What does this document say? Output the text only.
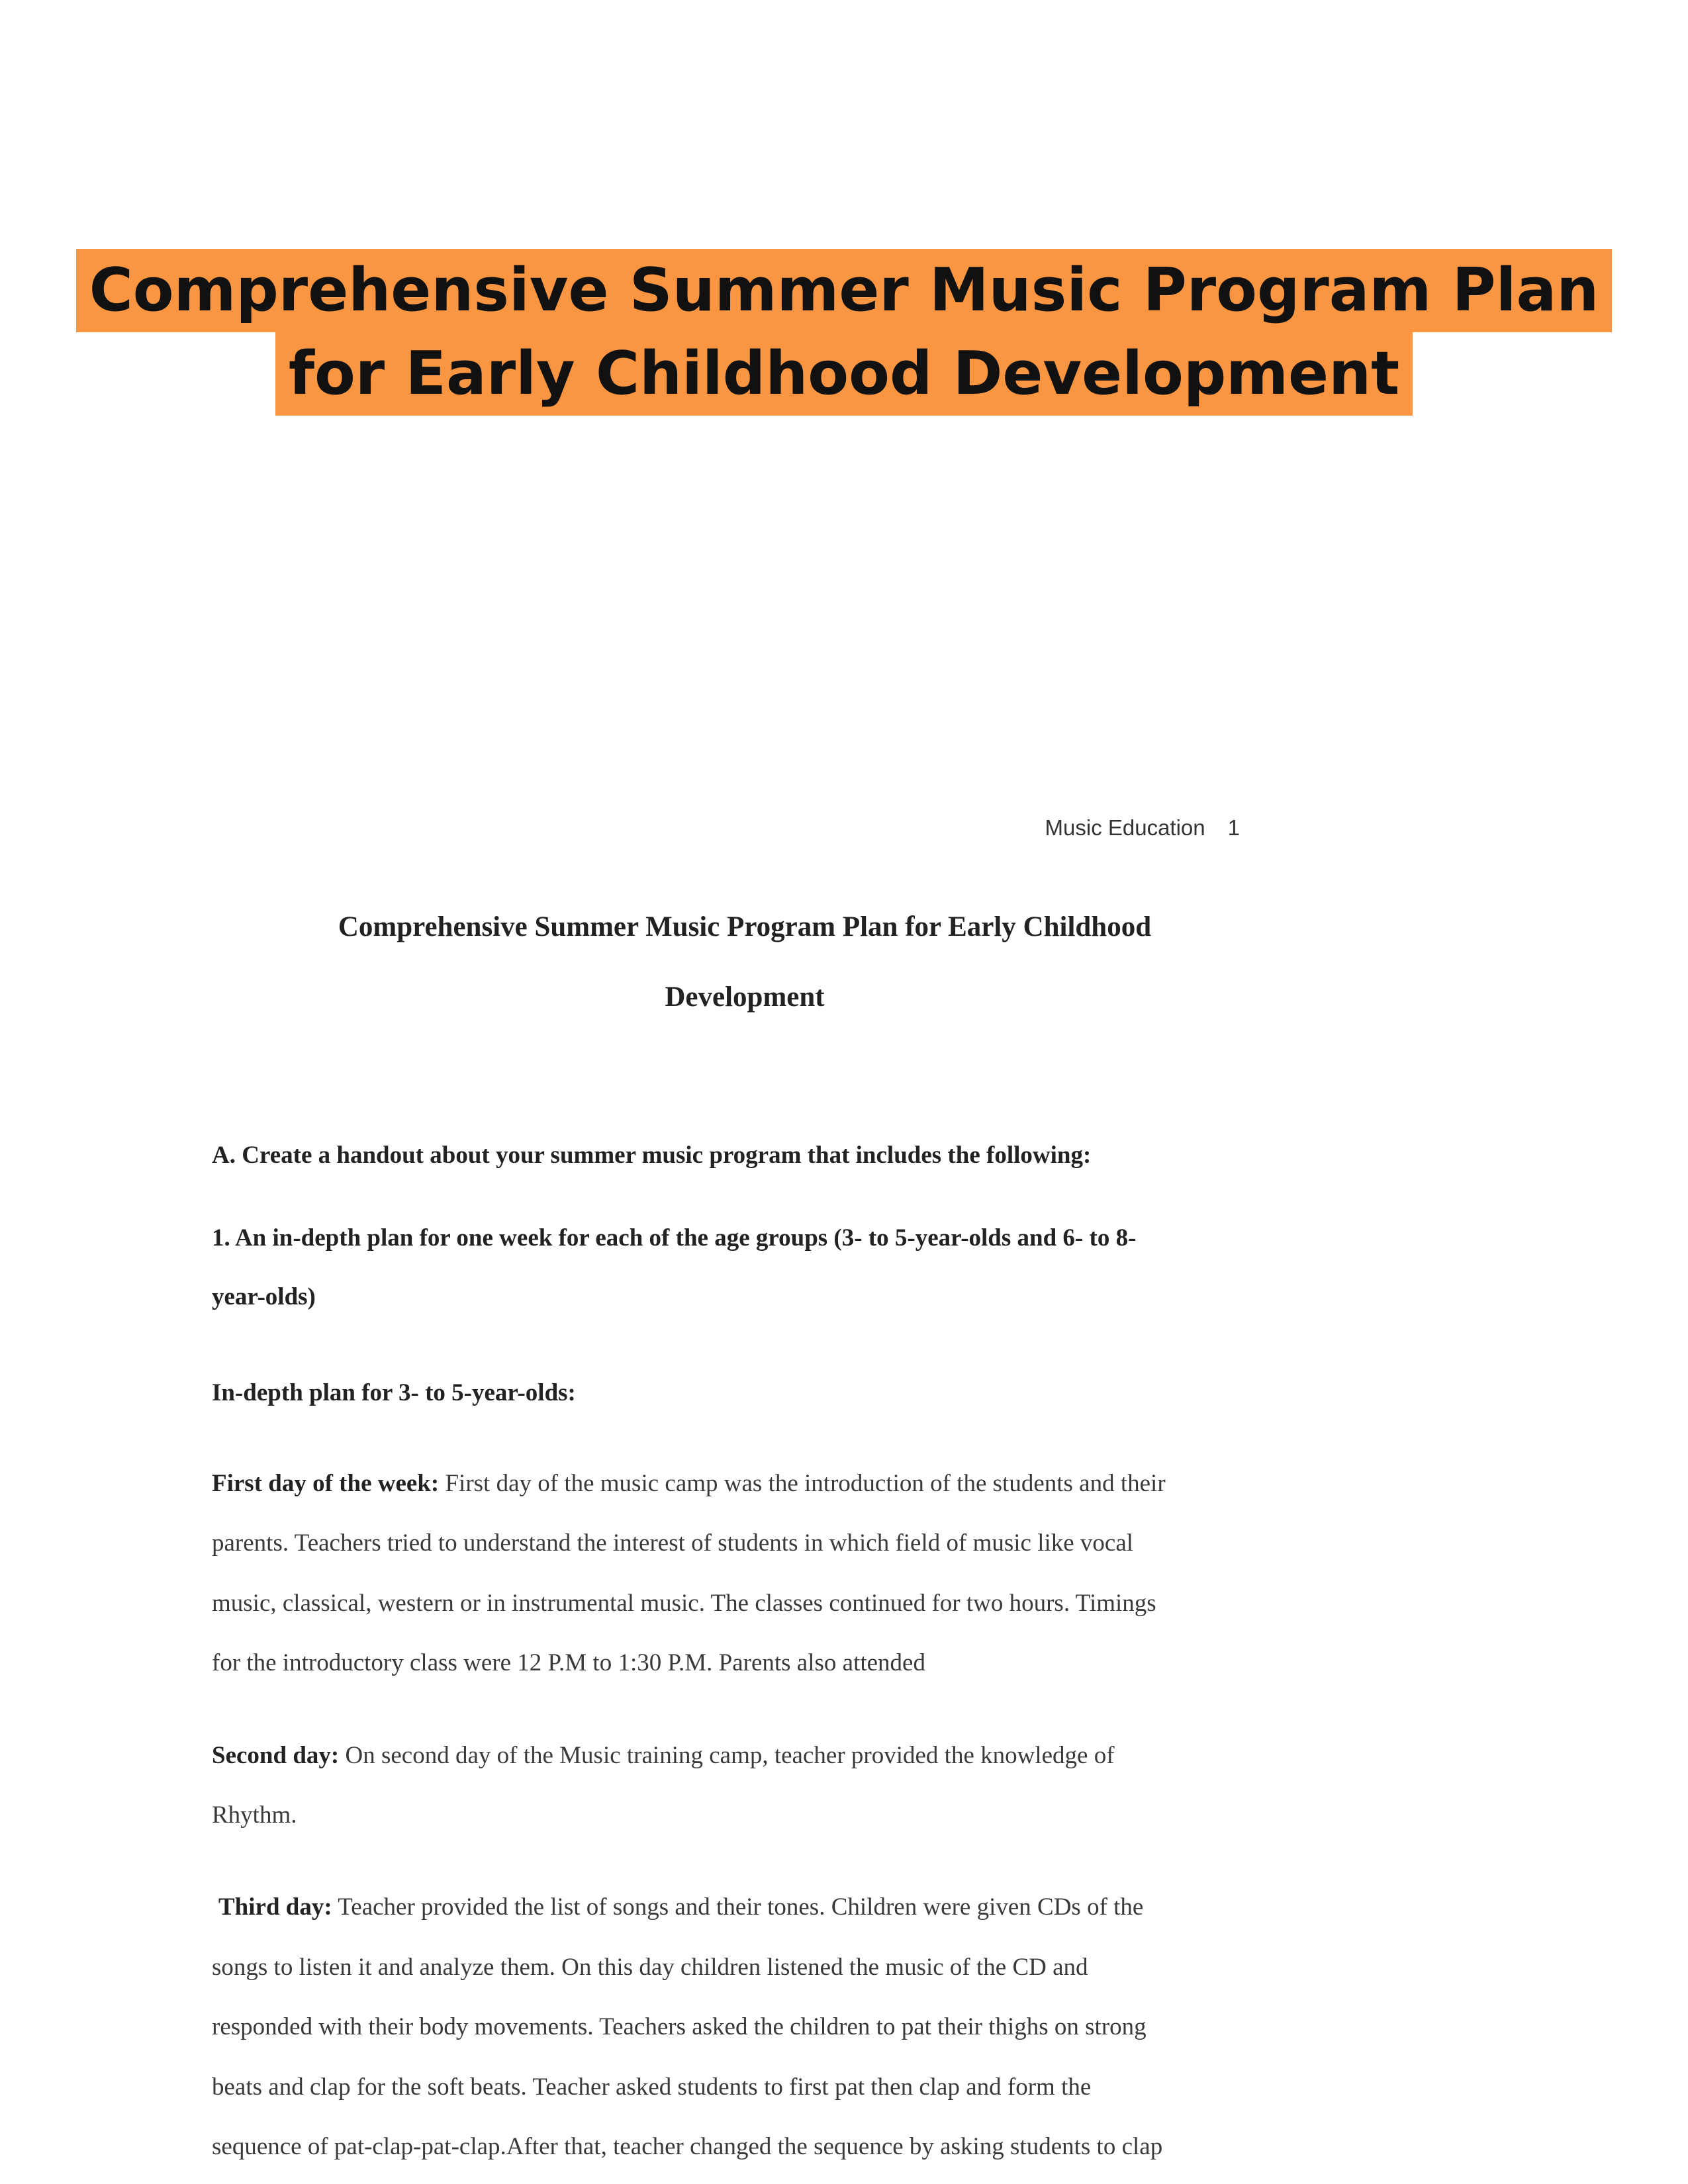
Comprehensive Summer Music Program Plan
for Early Childhood Development
Music Education 1
Comprehensive Summer Music Program Plan for Early Childhood
Development
A. Create a handout about your summer music program that includes the following:
1. An in-depth plan for one week for each of the age groups (3- to 5-year-olds and 6- to 8-
year-olds)
In-depth plan for 3- to 5-year-olds:
First day of the week: First day of the music camp was the introduction of the students and their
parents. Teachers tried to understand the interest of students in which field of music like vocal
music, classical, western or in instrumental music. The classes continued for two hours. Timings
for the introductory class were 12 P.M to 1:30 P.M. Parents also attended
Second day: On second day of the Music training camp, teacher provided the knowledge of
Rhythm.
Third day: Teacher provided the list of songs and their tones. Children were given CDs of the
songs to listen it and analyze them. On this day children listened the music of the CD and
responded with their body movements. Teachers asked the children to pat their thighs on strong
beats and clap for the soft beats. Teacher asked students to first pat then clap and form the
sequence of pat-clap-pat-clap.After that, teacher changed the sequence by asking students to clap
